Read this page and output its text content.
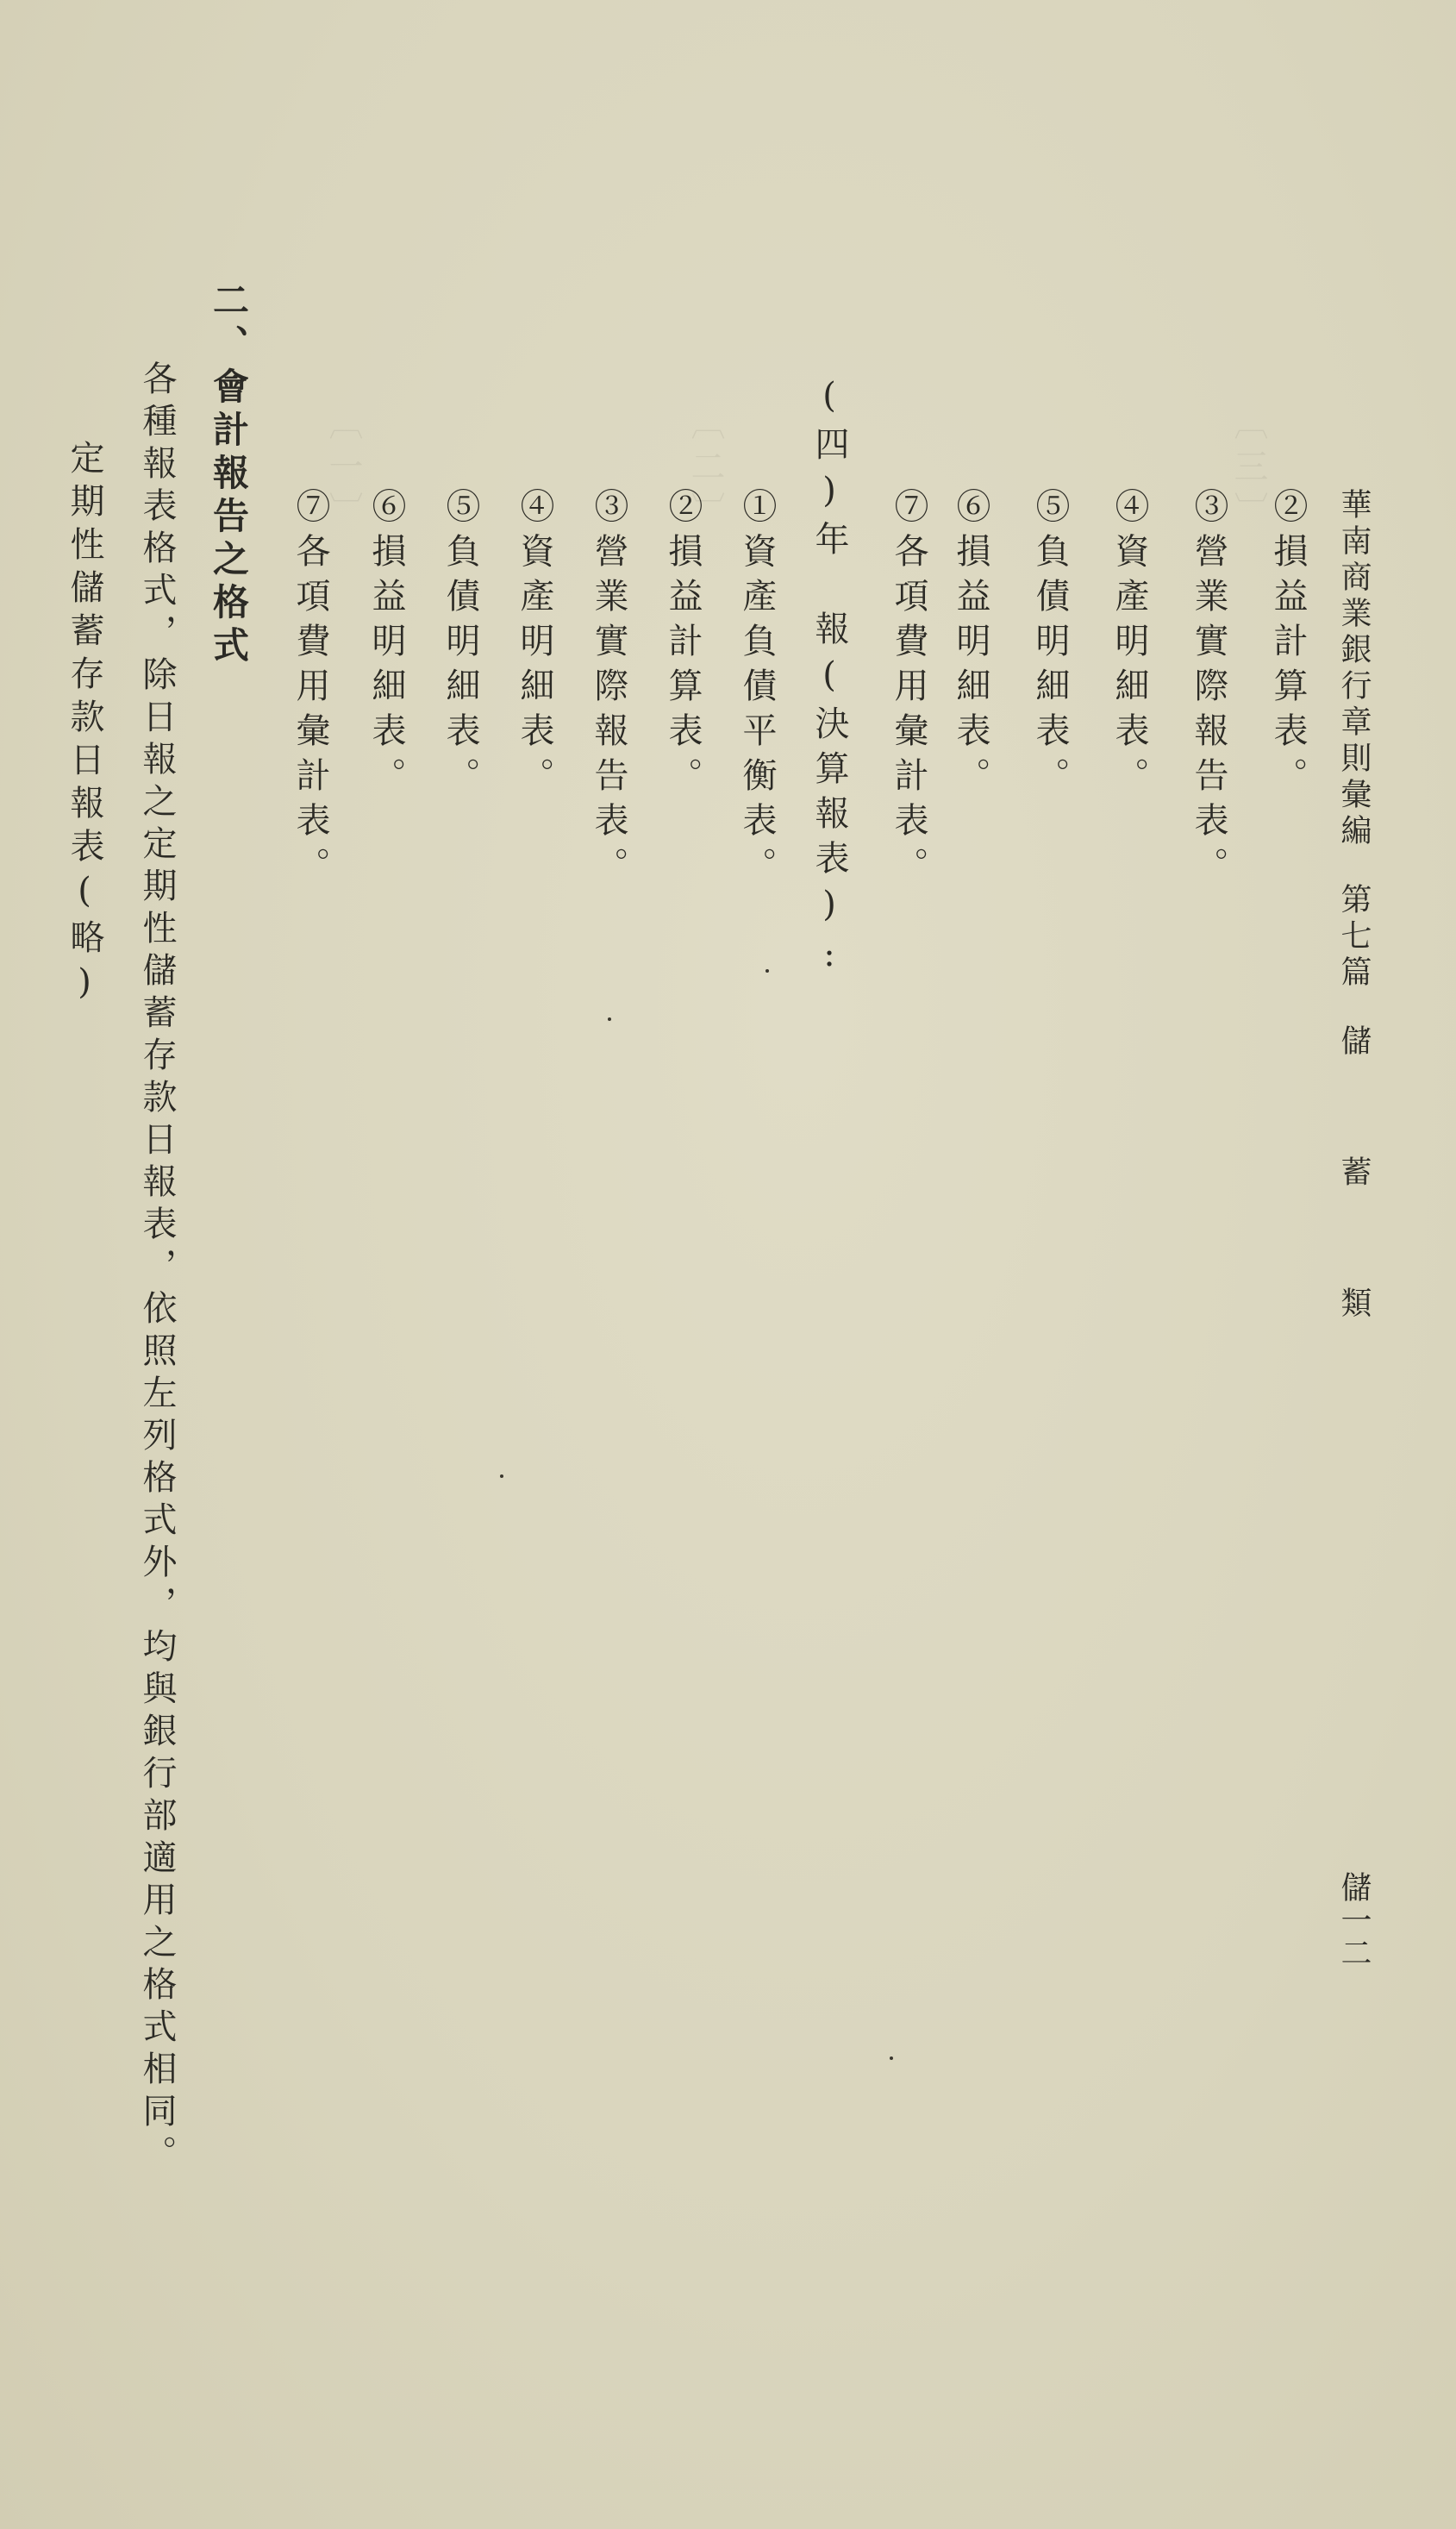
〔三〕
〔二〕
〔一〕
華南商業銀行章則彙編
第七篇
儲　蓄　類
儲一二
②損益計算表。
③營業實際報告表。
④資產明細表。
⑤負債明細表。
⑥損益明細表。
⑦各項費用彙計表。
(四)年　報(決算報表):
①資產負債平衡表。
②損益計算表。
③營業實際報告表。
④資產明細表。
⑤負債明細表。
⑥損益明細表。
⑦各項費用彙計表。
二、會計報告之格式
各種報表格式，除日報之定期性儲蓄存款日報表，依照左列格式外，均與銀行部適用之格式相同。
定期性儲蓄存款日報表(略)
